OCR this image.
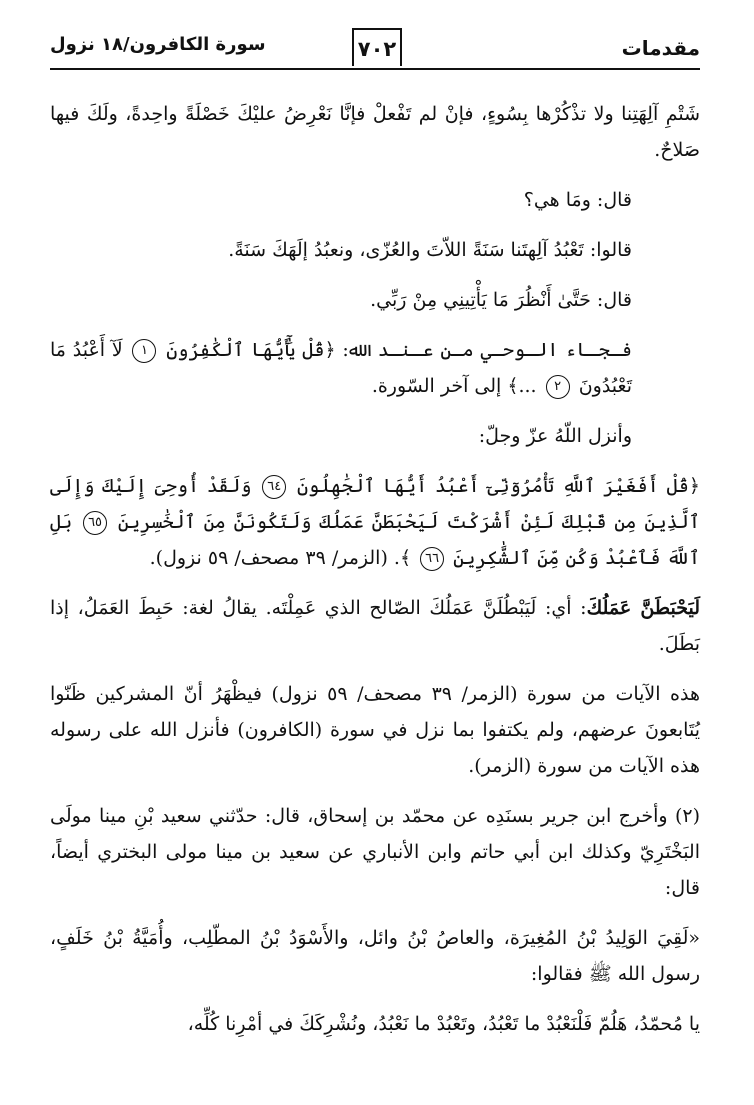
مقدمات
٧٠٢
سورة الكافرون/١٨ نزول

شَتْمِ آلِهَتِنا ولا تذْكُرْها بِسُوءٍ، فإنْ لم تَفْعلْ فإنَّا نَعْرِضُ عليْكَ خَصْلَةً واحِدةً، ولَكَ فيها صَلاحٌ.

قال: ومَا هي؟

قالوا: تَعْبُدُ آلِهتَنا سَنَةً اللاّتَ والعُزّى، ونعبُدُ إلَهَكَ سَنَةً.

قال: حَتَّىٰ أَنْظُرَ مَا يَأْتِينِي مِنْ رَبِّي.

فـجـاء الـوحـي مـن عـنـد الله: ﴿قُلْ يَٰٓأَيُّهَا ٱلْكَٰفِرُونَ ١ لَآ أَعْبُدُ مَا تَعْبُدُونَ ٢ ...﴾ إلى آخر السّورة.

وأنزل اللّهُ عزّ وجلّ:

﴿قُلْ أَفَغَيْرَ ٱللَّهِ تَأْمُرُوٓنِّىٓ أَعْبُدُ أَيُّهَا ٱلْجَٰهِلُونَ ٦٤ وَلَقَدْ أُوحِىَ إِلَيْكَ وَإِلَى ٱلَّذِينَ مِن قَبْلِكَ لَئِنْ أَشْرَكْتَ لَيَحْبَطَنَّ عَمَلُكَ وَلَتَكُونَنَّ مِنَ ٱلْخَٰسِرِينَ ٦٥ بَلِ ٱللَّهَ فَٱعْبُدْ وَكُن مِّنَ ٱلشَّٰكِرِينَ ٦٦ ﴾. (الزمر/ ٣٩ مصحف/ ٥٩ نزول).

لَيَحْبَطَنَّ عَمَلُكَ: أي: لَيَبْطُلَنَّ عَمَلُكَ الصّالح الذي عَمِلْتَه. يقالُ لغة: حَبِطَ العَمَلُ، إذا بَطَلَ.

هذه الآيات من سورة (الزمر/ ٣٩ مصحف/ ٥٩ نزول) فيظْهَرُ أنّ المشركين ظَنّوا يُتَابعونَ عرضهم، ولم يكتفوا بما نزل في سورة (الكافرون) فأنزل الله على رسوله هذه الآيات من سورة (الزمر).

(٢) وأخرج ابن جرير بسنَدِه عن محمّد بن إسحاق، قال: حدّثني سعيد بْنِ مينا مولَى البَخْتَرِيّ وكذلك ابن أبي حاتم وابن الأنباري عن سعيد بن مينا مولى البختري أيضاً، قال:

«لَقِيَ الوَلِيدُ بْنُ المُغِيرَة، والعاصُ بْنُ وائل، والأَسْوَدُ بْنُ المطّلِب، وأُمَيَّةُ بْنُ خَلَفٍ، رسول الله ﷺ فقالوا:

يا مُحمّدُ، هَلُمّ فَلْنَعْبُدْ ما تَعْبُدُ، وتَعْبُدْ ما نَعْبُدُ، ونُشْرِكَكَ في أمْرِنا كُلِّه،
